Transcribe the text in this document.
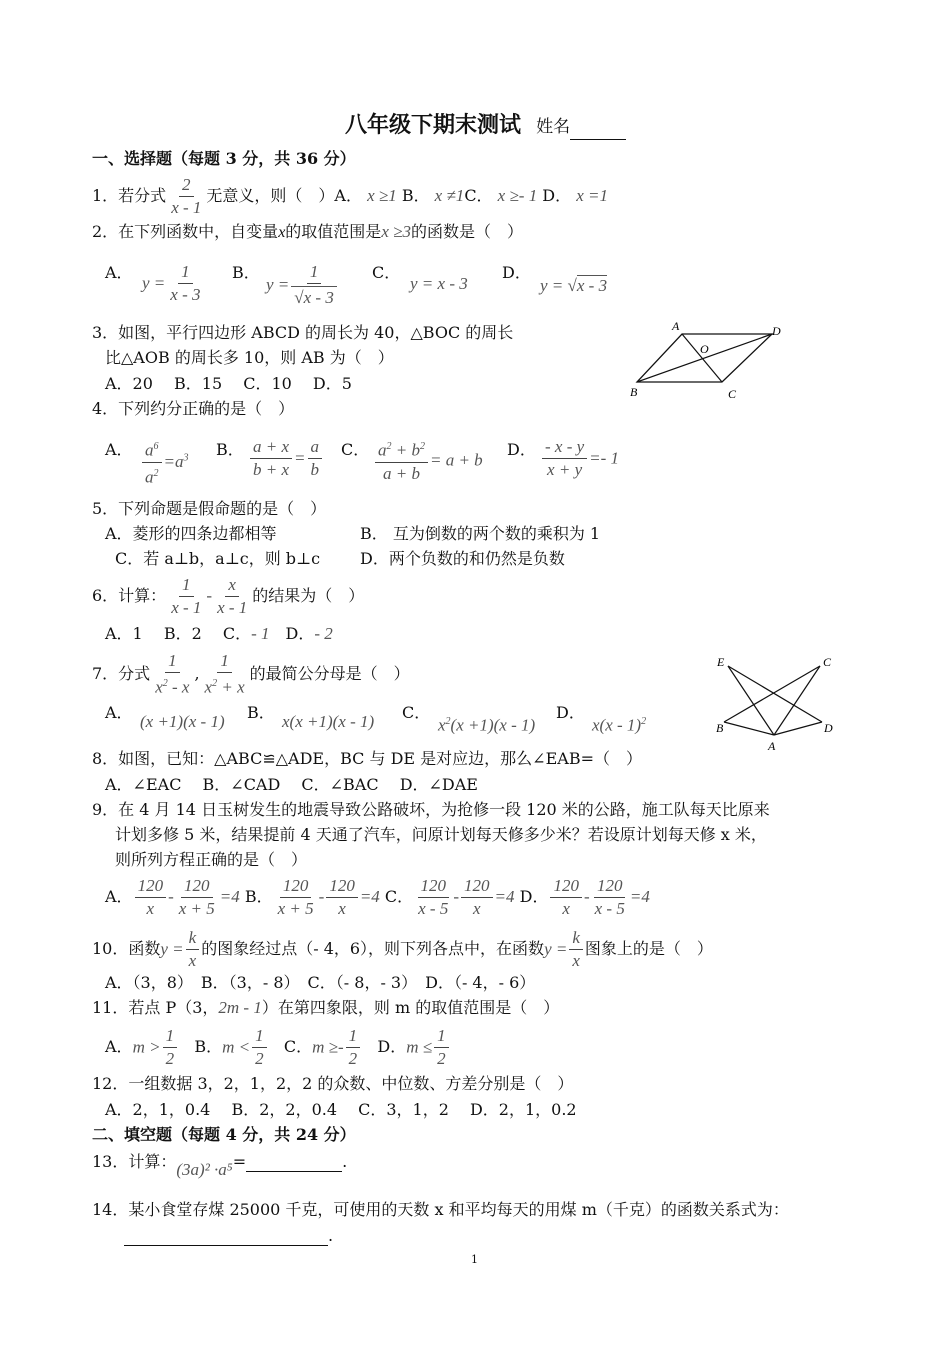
八年级下期末测试 姓名
一、选择题（每题 3 分，共 36 分）
1．若分式 $\frac{2}{x - 1}$ 无意义，则（　）A． x ≥1 B． x ≠1C． x ≥- 1 D． x =1
2．在下列函数中，自变量x的取值范围是x ≥3的函数是（　）
A．
$y = \frac{1}{x - 3}$ B．
$y = \frac{1}{√x - 3}$ C．
y = x - 3
D．
y = √x - 3
3．如图，平行四边形 ABCD 的周长为 40，△BOC 的周长
比△AOB 的周长多 10，则 AB 为（　）
A．20　 B．15　 C．10　 D．5
A	D
O
B	C
4．下列约分正确的是（　）
A． $\frac{a^6}{a^2} =a^3$ B． $\frac{a + x}{b + x} = \frac{a}{b}$ C． $\frac{a^2 + b^2}{a + b} = a + b$
D． $\frac{- x - y}{x + y} =- 1$
5．下列命题是假命题的是（　）
A．菱形的四条边都相等	B． 互为倒数的两个数的乘积为 1
C．若 a⊥b，a⊥c，则 b⊥c D．两个负数的和仍然是负数
6．计算： $\frac{1}{x - 1} - \frac{x}{x - 1}$ 的结果为（　）
A．1　 B．2　 C．- 1　D．- 2
7．分式 $\frac{1}{x^2 - x}$ , $\frac{1}{x^2 + x}$ 的最简公分母是（　）
A． (x +1)(x - 1) B． x(x +1)(x - 1) C．
$x^2(x +1)(x - 1)$
D．
x(x - 1)$^2$
E	C
B	D
A
8．如图，已知：△ABC≌△ADE，BC 与 DE 是对应边，那么∠EAB=（　）
A．∠EAC　 B．∠CAD　 C．∠BAC　 D．∠DAE
9．在 4 月 14 日玉树发生的地震导致公路破坏，为抢修一段 120 米的公路，施工队每天比原来
计划多修 5 米，结果提前 4 天通了汽车，问原计划每天修多少米？若设原计划每天修 x 米，
则所列方程正确的是（　）
A． $\frac{120}{x} - \frac{120}{x + 5} =4$ B． $\frac{120}{x + 5} - \frac{120}{x} =4$ C． $\frac{120}{x - 5} - \frac{120}{x} =4$ D． $\frac{120}{x} - \frac{120}{x - 5} =4$
10．函数$y = \frac{k}{x}$ 的图象经过点（- 4，6），则下列各点中，在函数$y = \frac{k}{x}$ 图象上的是（　）
A．（3，8）　B．（3，- 8）　C．（- 8，- 3）　D．（- 4，- 6）
11．若点 P（3，2m - 1）在第四象限，则 m 的取值范围是（　）
A．$m > \frac{1}{2}$ B．$m < \frac{1}{2}$ C．$m \ge- \frac{1}{2}$ D．$m \le \frac{1}{2}$
12．一组数据 3，2，1，2，2 的众数、中位数、方差分别是（　）
A．2，1，0.4　 B．2，2，0.4　 C．3，1，2　 D．2，1，0.2
二、填空题（每题 4 分，共 24 分）
13．计算：(3a)² ·a⁵=	.
14．某小食堂存煤 25000 千克，可使用的天数 x 和平均每天的用煤 m（千克）的函数关系式为：
.
1
